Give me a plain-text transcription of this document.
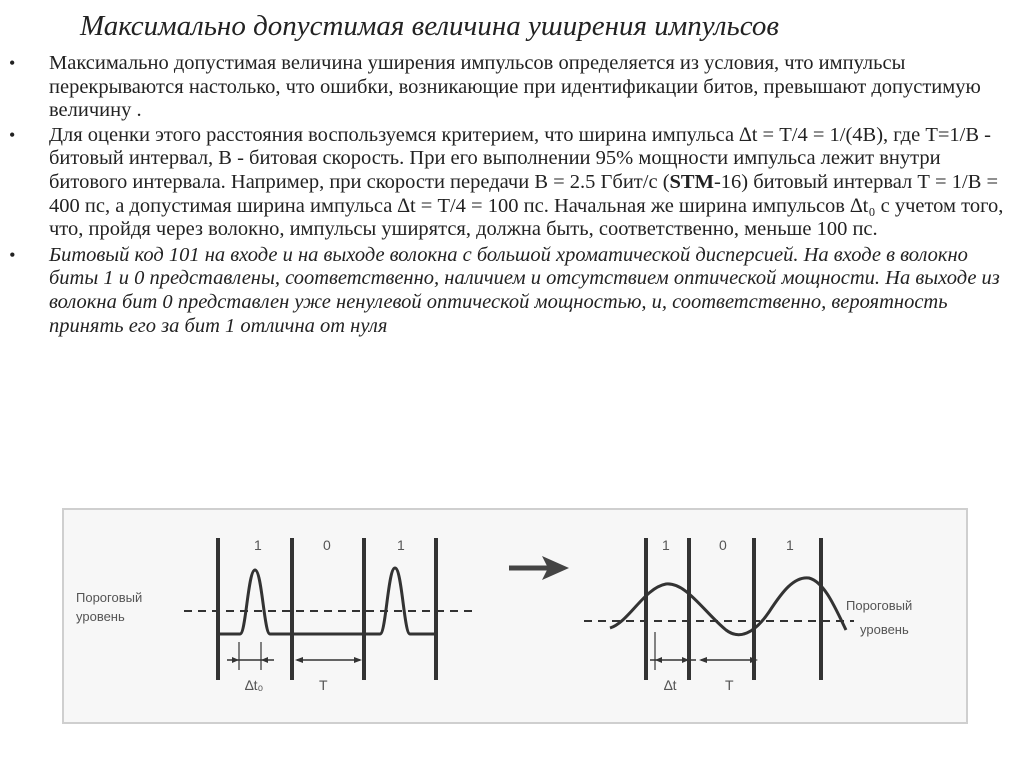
Максимально допустимая величина уширения импульсов
• Максимально допустимая величина уширения импульсов определяется из условия, что импульсы перекрываются настолько, что ошибки, возникающие при идентификации битов, превышают допустимую величину .
• Для оценки этого расстояния воспользуемся критерием, что ширина импульса ∆t = Т/4 = 1/(4В), где Т=1/В - битовый интервал, В - битовая скорость. При его выполнении 95% мощности импульса лежит внутри битового интервала. Например, при скорости передачи В = 2.5 Гбит/с (STM-16) битовый интервал Т = 1/В = 400 пс, а допустимая ширина импульса ∆t = Т/4 = 100 пс. Начальная же ширина импульсов ∆t₀ с учетом того, что, пройдя через волокно, импульсы уширятся, должна быть, соответственно, меньше 100 пс.
• Битовый код 101 на входе и на выходе волокна с большой хроматической дисперсией. На входе в волокно биты 1 и 0 представлены, соответственно, наличием и отсутствием оптической мощности. На выходе из волокна бит 0 представлен уже ненулевой оптической мощностью, и, соответственно, вероятность принять его за бит 1 отлична от нуля
1	0	1
Пороговый
уровень
∆t₀	T
1	0	1
Пороговый
уровень
∆t	T
